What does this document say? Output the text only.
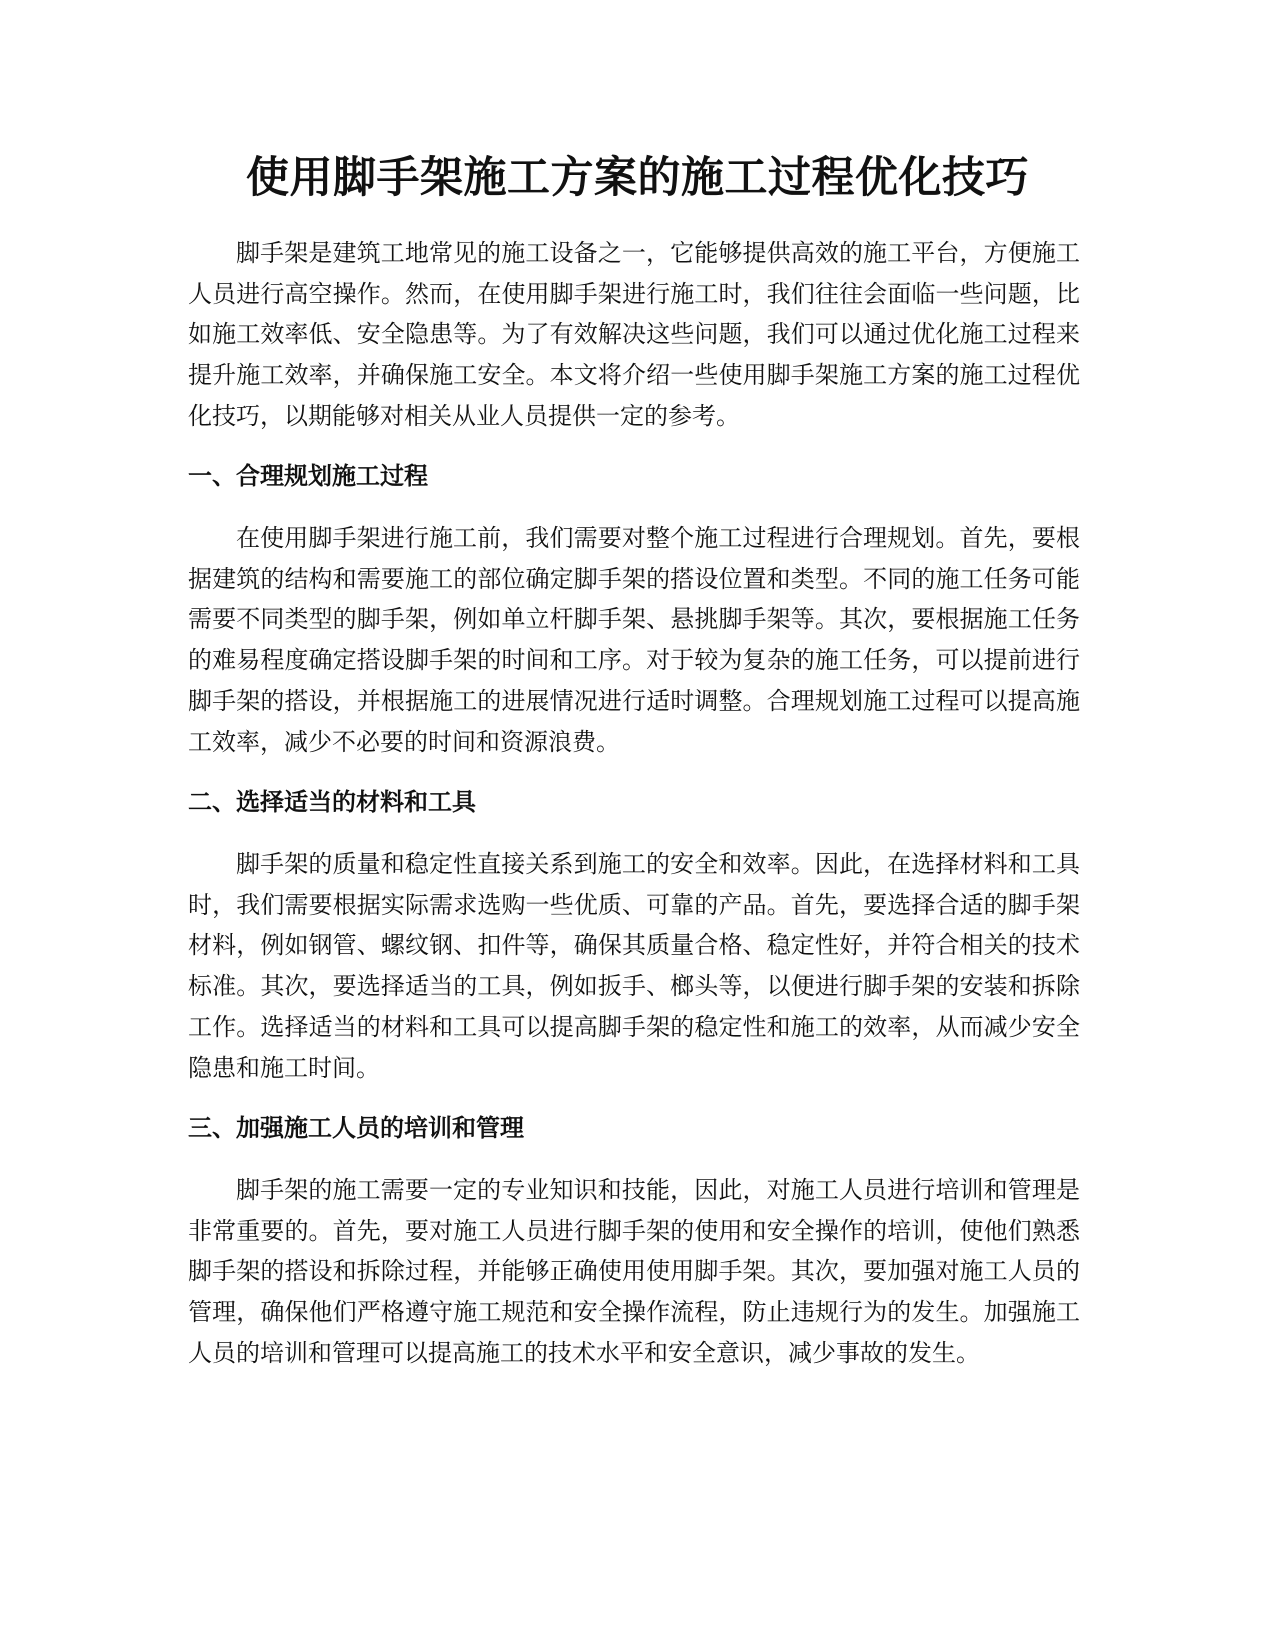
使用脚手架施工方案的施工过程优化技巧

脚手架是建筑工地常见的施工设备之一，它能够提供高效的施工平台，方便施工人员进行高空操作。然而，在使用脚手架进行施工时，我们往往会面临一些问题，比如施工效率低、安全隐患等。为了有效解决这些问题，我们可以通过优化施工过程来提升施工效率，并确保施工安全。本文将介绍一些使用脚手架施工方案的施工过程优化技巧，以期能够对相关从业人员提供一定的参考。

一、合理规划施工过程

在使用脚手架进行施工前，我们需要对整个施工过程进行合理规划。首先，要根据建筑的结构和需要施工的部位确定脚手架的搭设位置和类型。不同的施工任务可能需要不同类型的脚手架，例如单立杆脚手架、悬挑脚手架等。其次，要根据施工任务的难易程度确定搭设脚手架的时间和工序。对于较为复杂的施工任务，可以提前进行脚手架的搭设，并根据施工的进展情况进行适时调整。合理规划施工过程可以提高施工效率，减少不必要的时间和资源浪费。

二、选择适当的材料和工具

脚手架的质量和稳定性直接关系到施工的安全和效率。因此，在选择材料和工具时，我们需要根据实际需求选购一些优质、可靠的产品。首先，要选择合适的脚手架材料，例如钢管、螺纹钢、扣件等，确保其质量合格、稳定性好，并符合相关的技术标准。其次，要选择适当的工具，例如扳手、榔头等，以便进行脚手架的安装和拆除工作。选择适当的材料和工具可以提高脚手架的稳定性和施工的效率，从而减少安全隐患和施工时间。

三、加强施工人员的培训和管理

脚手架的施工需要一定的专业知识和技能，因此，对施工人员进行培训和管理是非常重要的。首先，要对施工人员进行脚手架的使用和安全操作的培训，使他们熟悉脚手架的搭设和拆除过程，并能够正确使用使用脚手架。其次，要加强对施工人员的管理，确保他们严格遵守施工规范和安全操作流程，防止违规行为的发生。加强施工人员的培训和管理可以提高施工的技术水平和安全意识，减少事故的发生。
